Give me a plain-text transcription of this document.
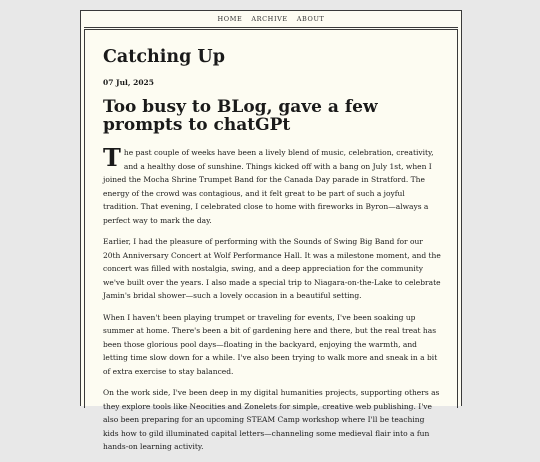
HOME ARCHIVE ABOUT
Catching Up
07 Jul, 2025
Too busy to BLog, gave a few prompts to chatGPt

The past couple of weeks have been a lively blend of music, celebration, creativity, and a healthy dose of sunshine. Things kicked off with a bang on July 1st, when I joined the Mocha Shrine Trumpet Band for the Canada Day parade in Stratford. The energy of the crowd was contagious, and it felt great to be part of such a joyful tradition. That evening, I celebrated close to home with fireworks in Byron—always a perfect way to mark the day.

Earlier, I had the pleasure of performing with the Sounds of Swing Big Band for our 20th Anniversary Concert at Wolf Performance Hall. It was a milestone moment, and the concert was filled with nostalgia, swing, and a deep appreciation for the community we've built over the years. I also made a special trip to Niagara-on-the-Lake to celebrate Jamin's bridal shower—such a lovely occasion in a beautiful setting.

When I haven't been playing trumpet or traveling for events, I've been soaking up summer at home. There's been a bit of gardening here and there, but the real treat has been those glorious pool days—floating in the backyard, enjoying the warmth, and letting time slow down for a while. I've also been trying to walk more and sneak in a bit of extra exercise to stay balanced.

On the work side, I've been deep in my digital humanities projects, supporting others as they explore tools like Neocities and Zonelets for simple, creative web publishing. I've also been preparing for an upcoming STEAM Camp workshop where I'll be teaching kids how to gild illuminated capital letters—channeling some medieval flair into a fun hands-on learning activity.
